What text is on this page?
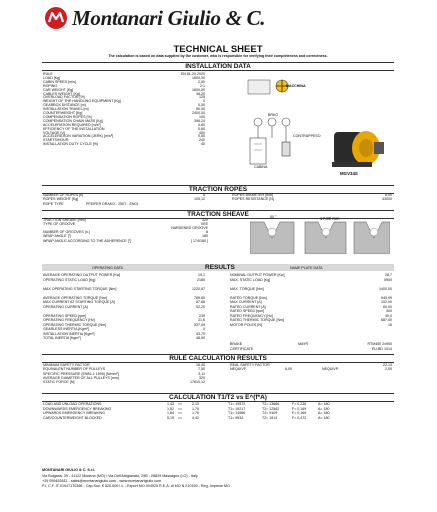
Montanari Giulio & C.
TECHNICAL SHEET
The calculation is based on data supplied by the customer, who is responsible for verifying their completeness and correctness.
INSTALLATION DATA
RULE	EN 81-20 2020
LOAD [Kg]	1600,00
CABIN SPEED [m/s]	2,00
ROPING	2:1
CAR WEIGHT [Kg]	1600,00
CABLES WEIGHT [Kg]	38,20
OVERLOAD FACTOR [%]	125
WEIGHT OF THE HANDLING EQUIPMENT [Kg]	0
GEARBOX DISTANCE [m]	0,00
INSTALLATION TRAVEL [m]	50,00
COUNTERWEIGHT [Kg]	2400,00
COMPENSATION ROPES [%]	100
COMPENSATION CHAIN MASS [Kg]	398,24
ACCELERATION REQUIRED [m/s²]	0,60
EFFICIENCY OF THE INSTALLATION	0,60
VOLTAGE [V]	400
ACCELERATION VARIATION (JERK) [m/s³]	0,50
STARTS/HOUR	240
INSTALLATION DUTY CYCLE [%]	40
MACCHINA
BRKG
CONTRAPPESO
CABINA
MGV34S
TRACTION ROPES
NUMBER OF ROPES [n]	8
ROPES WEIGHT [Kg]	105,12
ROPE TYPE	PFEIFER DRAKO - 250T - EN01
ROPES DIAMETER [mm]	8,00
ROPES RESISTANCE [N]	43000
TRACTION SHEAVE
TRACTION SHEAVE [mm]	320
TYPE OF GROOVE	VEE
HARDENED GROOVE
NUMBER OF GROOVES [n.]	8
WRAP ANGLE [°]	180
WRAP ANGLE ACCORDING TO THE ADHERENCE [°]	[ 174/180 ]
50 °	17,00 mm
OPERATING DATA	RESULTS	NAME PLATE DATA
AVERAGE OPERATING OUTPUT POWER [Kw]	19,1
OPERATING STATIC LOAD [Kg]	2180
MAX OPERATING STARTING TORQUE [Nm]	1220,87
AVERAGE OPERATING TORQUE [Nm]	789,80
MAX CURRENT AT STARTING TORQUE [A]	87,66
OPERATING CURRENT [A]	52,20
OPERATING SPEED [rpm]	239
OPERATING FREQUENCY [Hz]	31,6
OPERATING THERMIC TORQUE [Nm]	537,09
GEARLESS INERTIA [Kgm²]	0
INSTALLATION INERTIA [Kgm²]	43,70
TOTAL INERTIA [Kgm²]	48,90
NOMINAL OUTPUT POWER [Kw]	28,7
MAX. STATIC LOAD [Kg]	5900
MAX. TORQUE [Nm]	1400,00
RATED TORQUE [Nm]	945,99
MAX CURRENT [A]	102,00
RATED CURRENT [A]	60,00
RATED SPEED [rpm]	300
RATED FREQUENCY [Hz]	40,0
RATED THERMIC TORQUE [Nm]	687,00
MOTOR POLES [N]	16
BRAKE	MAYR	RTM450 2x950
CERTIFICATE	EU-BD 1014
RULE CALCULATION RESULTS
MINIMUM SAFETY FACTOR	16,40
EQUIVALENT NUMBER OF PULLEYS	7,50
SPECIFIC PRESSURE (EN81-1 1905) [N/mm²]	3,11
AVERAGE DIAMETER OF ALL PULLEYS [mm]	320
STATIC FORCE [N]	17610,12
REAL SAFETY FACTOR	22,13
NEQUIVF.	6,00	NEQUIVP.	2,00
CALCULATION T1/T2 vs E^(f*A)
LOAD AND UNLOAD OPERATIONS	1,43	<=	2,10	T1= 19572	T2= 13666	F= 0,236	A= 180
DOWNWARDS EMERGENCY BREAKING	1,52	<=	1,70	T1= 19217	T2= 12582	F= 0,169	A= 180
UPWARDS EMERGENCY BREAKING	1,64	<=	1,70	T1= 14966	T2= 9109	F= 0,169	A= 180
CAR/COUNTERWEIGHT BLOCKED	5,19	>=	4,42	T1= 9934	T2= 1914	F= 0,473	A= 180
MONTANARI GIULIO & C. S.r.l.
Via Bulgaria, 39 - 41122 Modena (MO) / Via Dell'Artigianato, 29B - 28829 Massagno (LO) - Italy
+39 059453611 - sales@montanarigiulio.com - www.montanarigiulio.com
P.I. C.F. IT 01047170366 - Cap.Soc. € 520.000 i.v. - Export MO 004925 R.E.A. di MO N.210159 - Reg. Imprese MO
